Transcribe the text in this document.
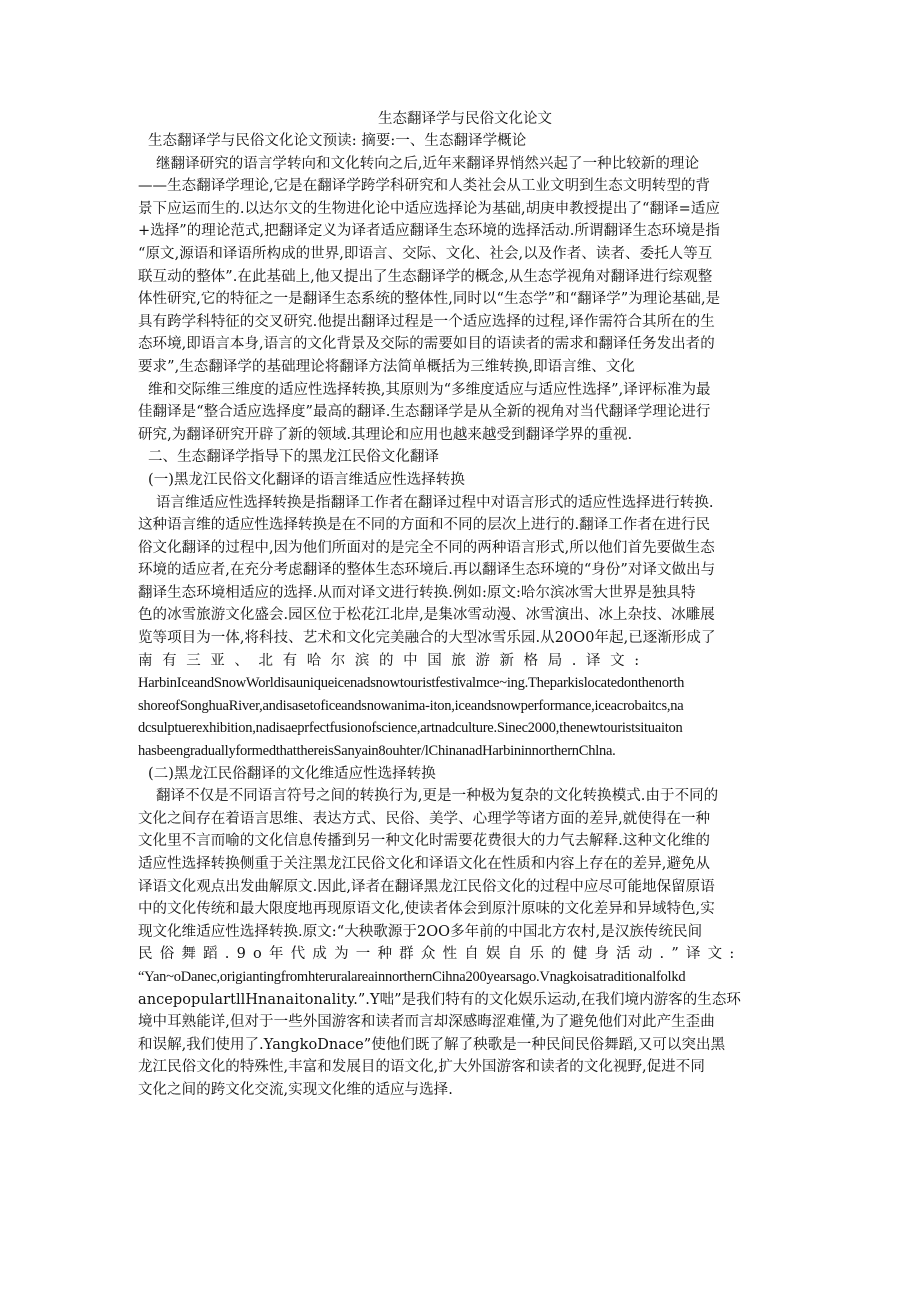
生态翻译学与民俗文化论文

生态翻译学与民俗文化论文预读: 摘要:一、生态翻译学概论

继翻译研究的语言学转向和文化转向之后,近年来翻译界悄然兴起了一种比较新的理论

——生态翻译学理论,它是在翻译学跨学科研究和人类社会从工业文明到生态文明转型的背

景下应运而生的.以达尔文的生物进化论中适应选择论为基础,胡庚申教授提出了“翻译=适应

+选择”的理论范式,把翻译定义为译者适应翻译生态环境的选择活动.所谓翻译生态环境是指

“原文,源语和译语所构成的世界,即语言、交际、文化、社会,以及作者、读者、委托人等互

联互动的整体”.在此基础上,他又提出了生态翻译学的概念,从生态学视角对翻译进行综观整

体性研究,它的特征之一是翻译生态系统的整体性,同时以“生态学”和“翻译学”为理论基础,是

具有跨学科特征的交叉研究.他提出翻译过程是一个适应选择的过程,译作需符合其所在的生

态环境,即语言本身,语言的文化背景及交际的需要如目的语读者的需求和翻译任务发出者的

要求”,生态翻译学的基础理论将翻译方法简单概括为三维转换,即语言维、文化

维和交际维三维度的适应性选择转换,其原则为“多维度适应与适应性选择”,译评标准为最

佳翻译是“整合适应选择度”最高的翻译.生态翻译学是从全新的视角对当代翻译学理论进行

研究,为翻译研究开辟了新的领域.其理论和应用也越来越受到翻译学界的重视.

二、生态翻译学指导下的黑龙江民俗文化翻译

(一)黑龙江民俗文化翻译的语言维适应性选择转换

语言维适应性选择转换是指翻译工作者在翻译过程中对语言形式的适应性选择进行转换.

这种语言维的适应性选择转换是在不同的方面和不同的层次上进行的.翻译工作者在进行民

俗文化翻译的过程中,因为他们所面对的是完全不同的两种语言形式,所以他们首先要做生态

环境的适应者,在充分考虑翻译的整体生态环境后.再以翻译生态环境的“身份”对译文做出与

翻译生态环境相适应的选择.从而对译文进行转换.例如:原文:哈尔滨冰雪大世界是独具特

色的冰雪旅游文化盛会.园区位于松花江北岸,是集冰雪动漫、冰雪演出、冰上杂技、冰雕展

览等项目为一体,将科技、艺术和文化完美融合的大型冰雪乐园.从20O0年起,已逐渐形成了

南有三亚、北有哈尔滨的中国旅游新格局.译文:

HarbinIceandSnowWorldisauniqueicenadsnowtouristfestivalmce~ing.Theparkislocatedonthenorth

shoreofSonghuaRiver,andisasetoficeandsnowanima-iton,iceandsnowperformance,iceacrobaitcs,na

dcsulptuerexhibition,nadisaeprfectfusionofscience,artnadculture.Sinec2000,thenewtouristsituaiton

hasbeengraduallyformedthatthereisSanyain8ouhter/lChinanadHarbininnorthernChlna.

(二)黑龙江民俗翻译的文化维适应性选择转换

翻译不仅是不同语言符号之间的转换行为,更是一种极为复杂的文化转换模式.由于不同的

文化之间存在着语言思维、表达方式、民俗、美学、心理学等诸方面的差异,就使得在一种

文化里不言而喻的文化信息传播到另一种文化时需要花费很大的力气去解释.这种文化维的

适应性选择转换侧重于关注黑龙江民俗文化和译语文化在性质和内容上存在的差异,避免从

译语文化观点出发曲解原文.因此,译者在翻译黑龙江民俗文化的过程中应尽可能地保留原语

中的文化传统和最大限度地再现原语文化,使读者体会到原汁原味的文化差异和异域特色,实

现文化维适应性选择转换.原文:“大秧歌源于2OO多年前的中国北方农村,是汉族传统民间

民俗舞蹈.9o年代成为一种群众性自娱自乐的健身活动.”译文:

“Yan~oDanec,origiantingfromhteruralareainnorthernCihna200yearsago.Vnagkoisatraditionalfolkd

ancepopulartllHnanaitonality.”.Y咄”是我们特有的文化娱乐运动,在我们境内游客的生态环

境中耳熟能详,但对于一些外国游客和读者而言却深感晦涩难懂,为了避免他们对此产生歪曲

和误解,我们使用了.YangkoDnace”使他们既了解了秧歌是一种民间民俗舞蹈,又可以突出黑

龙江民俗文化的特殊性,丰富和发展目的语文化,扩大外国游客和读者的文化视野,促进不同

文化之间的跨文化交流,实现文化维的适应与选择.
